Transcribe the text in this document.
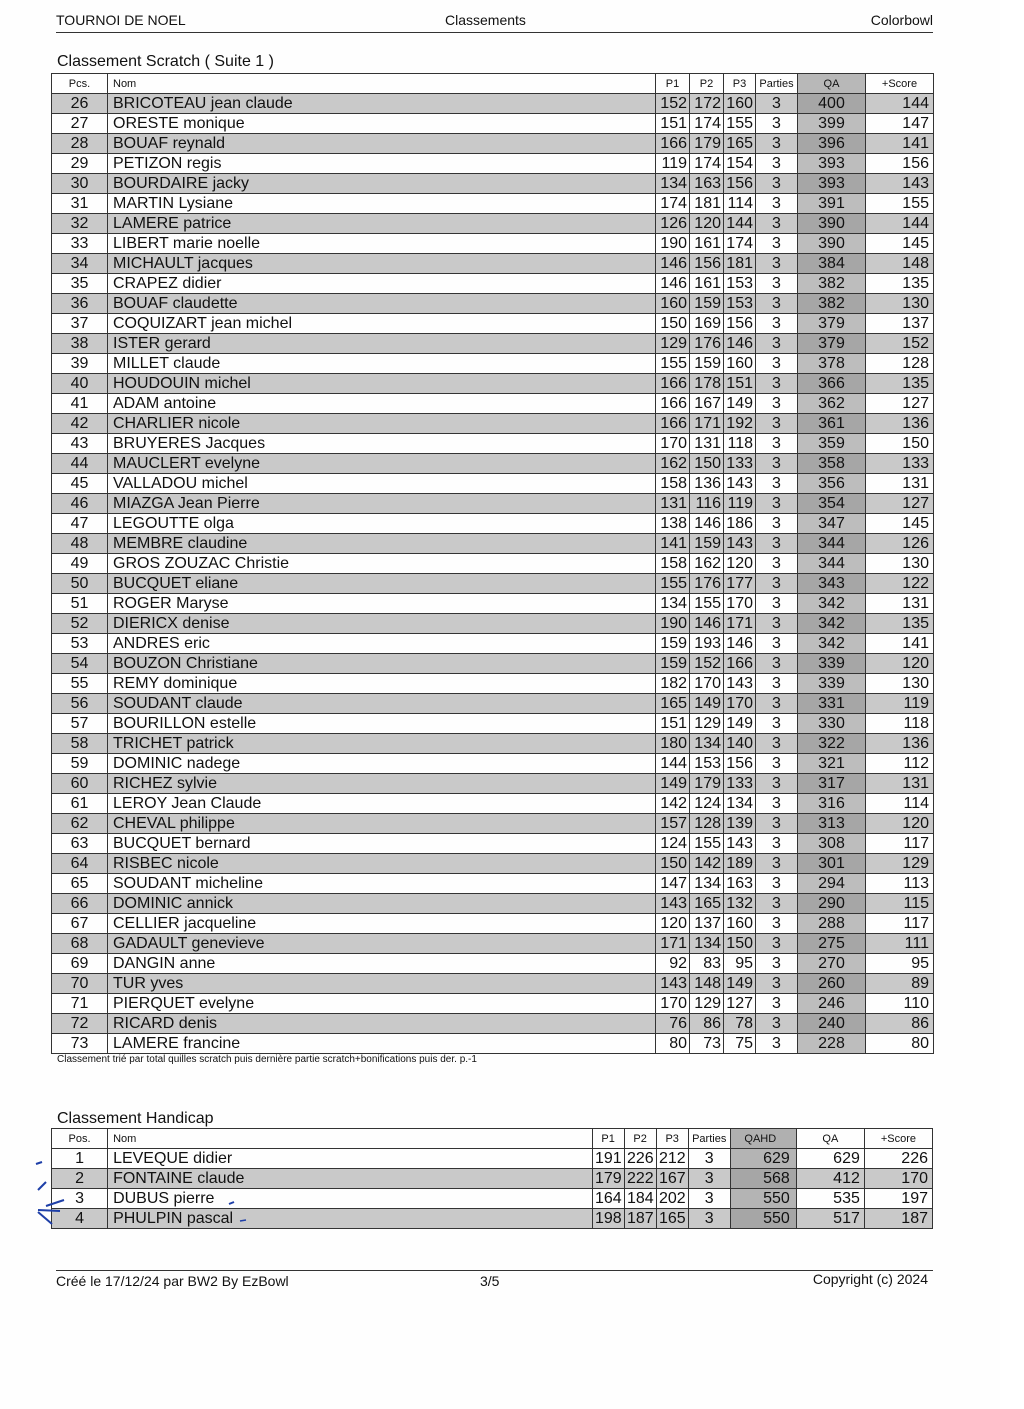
TOURNOI DE NOEL	Classements	Colorbowl
Classement Scratch ( Suite 1 )
Pcs.	Nom	P1	P2	P3	Parties	QA	+Score
26	BRICOTEAU jean claude	152	172	160	3	400	144
27	ORESTE monique	151	174	155	3	399	147
28	BOUAF reynald	166	179	165	3	396	141
29	PETIZON regis	119	174	154	3	393	156
30	BOURDAIRE jacky	134	163	156	3	393	143
31	MARTIN Lysiane	174	181	114	3	391	155
32	LAMERE patrice	126	120	144	3	390	144
33	LIBERT marie noelle	190	161	174	3	390	145
34	MICHAULT jacques	146	156	181	3	384	148
35	CRAPEZ didier	146	161	153	3	382	135
36	BOUAF claudette	160	159	153	3	382	130
37	COQUIZART jean michel	150	169	156	3	379	137
38	ISTER gerard	129	176	146	3	379	152
39	MILLET claude	155	159	160	3	378	128
40	HOUDOUIN michel	166	178	151	3	366	135
41	ADAM antoine	166	167	149	3	362	127
42	CHARLIER nicole	166	171	192	3	361	136
43	BRUYERES Jacques	170	131	118	3	359	150
44	MAUCLERT evelyne	162	150	133	3	358	133
45	VALLADOU michel	158	136	143	3	356	131
46	MIAZGA Jean Pierre	131	116	119	3	354	127
47	LEGOUTTE olga	138	146	186	3	347	145
48	MEMBRE claudine	141	159	143	3	344	126
49	GROS ZOUZAC Christie	158	162	120	3	344	130
50	BUCQUET eliane	155	176	177	3	343	122
51	ROGER Maryse	134	155	170	3	342	131
52	DIERICX denise	190	146	171	3	342	135
53	ANDRES eric	159	193	146	3	342	141
54	BOUZON Christiane	159	152	166	3	339	120
55	REMY dominique	182	170	143	3	339	130
56	SOUDANT claude	165	149	170	3	331	119
57	BOURILLON estelle	151	129	149	3	330	118
58	TRICHET patrick	180	134	140	3	322	136
59	DOMINIC nadege	144	153	156	3	321	112
60	RICHEZ sylvie	149	179	133	3	317	131
61	LEROY Jean Claude	142	124	134	3	316	114
62	CHEVAL philippe	157	128	139	3	313	120
63	BUCQUET bernard	124	155	143	3	308	117
64	RISBEC nicole	150	142	189	3	301	129
65	SOUDANT micheline	147	134	163	3	294	113
66	DOMINIC annick	143	165	132	3	290	115
67	CELLIER jacqueline	120	137	160	3	288	117
68	GADAULT genevieve	171	134	150	3	275	111
69	DANGIN anne	92	83	95	3	270	95
70	TUR yves	143	148	149	3	260	89
71	PIERQUET evelyne	170	129	127	3	246	110
72	RICARD denis	76	86	78	3	240	86
73	LAMERE francine	80	73	75	3	228	80
Classement trié par total quilles scratch puis dernière partie scratch+bonifications puis der. p.-1
Classement Handicap
Pos.	Nom	P1	P2	P3	Parties	QAHD	QA	+Score
1	LEVEQUE didier	191	226	212	3	629	629	226
2	FONTAINE claude	179	222	167	3	568	412	170
3	DUBUS pierre	164	184	202	3	550	535	197
4	PHULPIN pascal	198	187	165	3	550	517	187
Créé le 17/12/24 par BW2 By EzBowl	3/5	Copyright (c) 2024
